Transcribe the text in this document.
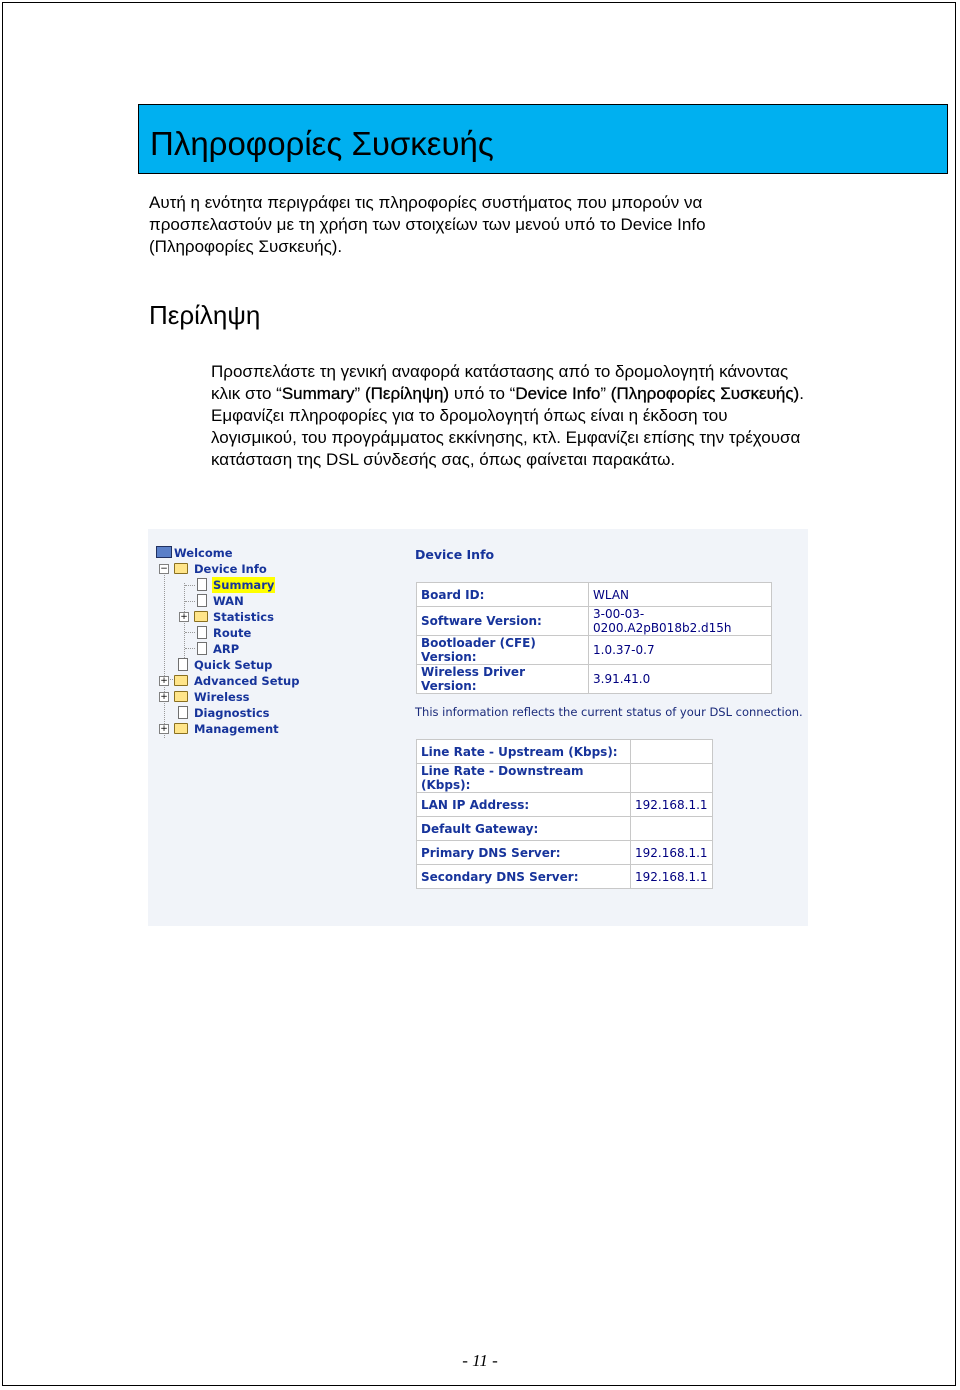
Πληροφορίες Συσκευής

Αυτή η ενότητα περιγράφει τις πληροφορίες συστήματος που μπορούν να προσπελαστούν με τη χρήση των στοιχείων των μενού υπό το Device Info (Πληροφορίες Συσκευής).

Περίληψη

Προσπελάστε τη γενική αναφορά κατάστασης από το δρομολογητή κάνοντας κλικ στο “Summary” (Περίληψη) υπό το “Device Info” (Πληροφορίες Συσκευής). Εμφανίζει πληροφορίες για το δρομολογητή όπως είναι η έκδοση του λογισμικού, του προγράμματος εκκίνησης, κτλ. Εμφανίζει επίσης την τρέχουσα κατάσταση της DSL σύνδεσής σας, όπως φαίνεται παρακάτω.

Welcome
− Device Info
Summary
WAN
+ Statistics
Route
ARP
Quick Setup
+ Advanced Setup
+ Wireless
Diagnostics
+ Management
Device Info
Board ID:	WLAN
Software Version:	3-00-03-0200.A2pB018b2.d15h
Bootloader (CFE) Version:	1.0.37-0.7
Wireless Driver Version:	3.91.41.0
This information reflects the current status of your DSL connection.
Line Rate - Upstream (Kbps):	
Line Rate - Downstream (Kbps):	
LAN IP Address:	192.168.1.1
Default Gateway:	
Primary DNS Server:	192.168.1.1
Secondary DNS Server:	192.168.1.1
- 11 -
